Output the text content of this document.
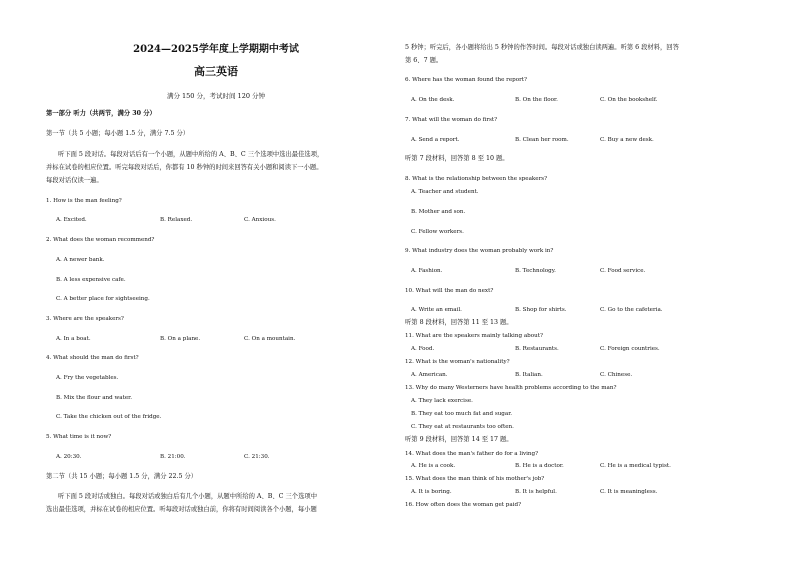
2024—2025学年度上学期期中考试
高三英语
满分 150 分，考试时间 120 分钟
第一部分 听力（共两节，满分 30 分）
第一节（共 5 小题；每小题 1.5 分，满分 7.5 分）
听下面 5 段对话。每段对话后有一个小题，从题中所给的 A、B、C 三个选项中选出最佳选项，
并标在试卷的相应位置。听完每段对话后，你都有 10 秒钟的时间来回答有关小题和阅读下一小题。
每段对话仅读一遍。
1. How is the man feeling?
A. Excited.	B. Relaxed.	C. Anxious.
2. What does the woman recommend?
A. A newer bank.
B. A less expensive cafe.
C. A better place for sightseeing.
3. Where are the speakers?
A. In a boat.	B. On a plane.	C. On a mountain.
4. What should the man do first?
A. Fry the vegetables.
B. Mix the flour and water.
C. Take the chicken out of the fridge.
5. What time is it now?
A. 20:30.	B. 21:00.	C. 21:30.
第二节（共 15 小题；每小题 1.5 分，满分 22.5 分）
听下面 5 段对话或独白。每段对话或独白后有几个小题，从题中所给的 A、B、C 三个选项中
选出最佳选项，并标在试卷的相应位置。听每段对话或独白前，你将有时间阅读各个小题，每小题
5 秒钟；听完后，各小题将给出 5 秒钟的作答时间。每段对话或独白读两遍。听第 6 段材料，回答
第 6、7 题。
6. Where has the woman found the report?
A. On the desk.	B. On the floor.	C. On the bookshelf.
7. What will the woman do first?
A. Send a report.	B. Clean her room.	C. Buy a new desk.
听第 7 段材料，回答第 8 至 10 题。
8. What is the relationship between the speakers?
A. Teacher and student.
B. Mother and son.
C. Fellow workers.
9. What industry does the woman probably work in?
A. Fashion.	B. Technology.	C. Food service.
10. What will the man do next?
A. Write an email.	B. Shop for shirts.	C. Go to the cafeteria.
听第 8 段材料，回答第 11 至 13 题。
11. What are the speakers mainly talking about?
A. Food.	B. Restaurants.	C. Foreign countries.
12. What is the woman's nationality?
A. American.	B. Italian.	C. Chinese.
13. Why do many Westerners have health problems according to the man?
A. They lack exercise.
B. They eat too much fat and sugar.
C. They eat at restaurants too often.
听第 9 段材料，回答第 14 至 17 题。
14. What does the man's father do for a living?
A. He is a cook.	B. He is a doctor.	C. He is a medical typist.
15. What does the man think of his mother's job?
A. It is boring.	B. It is helpful.	C. It is meaningless.
16. How often does the woman get paid?
